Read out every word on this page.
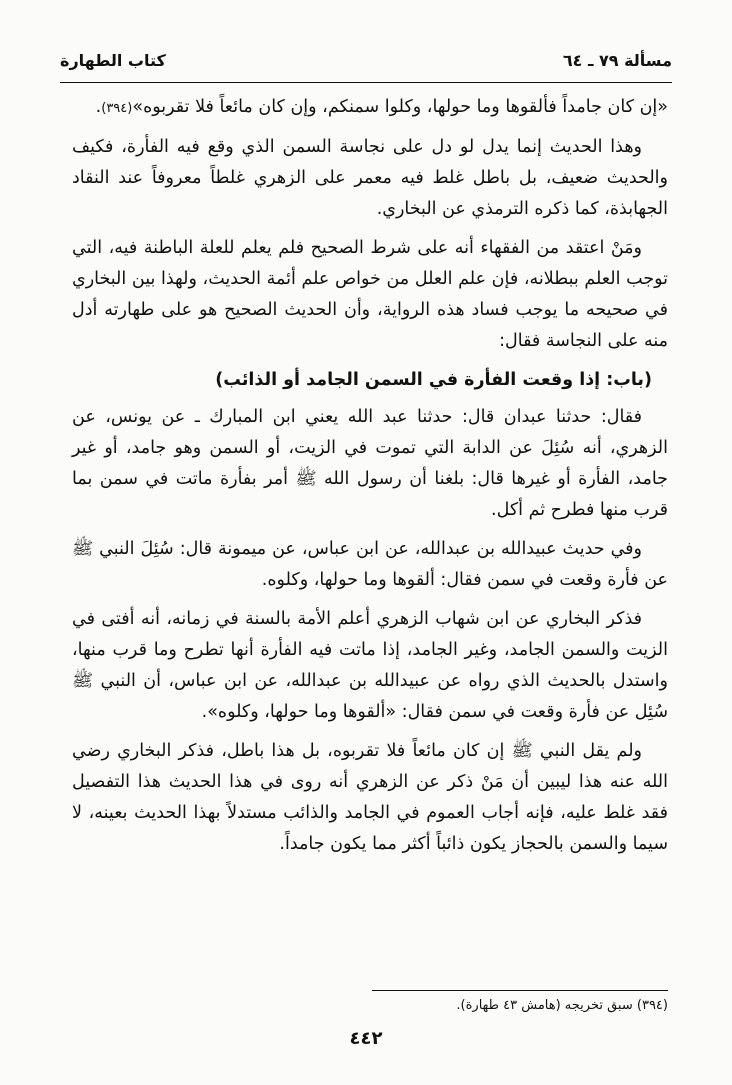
مسألة ٧٩ ـ ٦٤
كتاب الطهارة

«إن كان جامداً فألقوها وما حولها، وكلوا سمنكم، وإن كان مائعاً فلا تقربوه»(٣٩٤).

وهذا الحديث إنما يدل لو دل على نجاسة السمن الذي وقع فيه الفأرة، فكيف والحديث ضعيف، بل باطل غلط فيه معمر على الزهري غلطاً معروفاً عند النقاد الجهابذة، كما ذكره الترمذي عن البخاري.

ومَنْ اعتقد من الفقهاء أنه على شرط الصحيح فلم يعلم للعلة الباطنة فيه، التي توجب العلم ببطلانه، فإن علم العلل من خواص علم أئمة الحديث، ولهذا بين البخاري في صحيحه ما يوجب فساد هذه الرواية، وأن الحديث الصحيح هو على طهارته أدل منه على النجاسة فقال:

(باب: إذا وقعت الفأرة في السمن الجامد أو الذائب)

فقال: حدثنا عبدان قال: حدثنا عبد الله يعني ابن المبارك ـ عن يونس، عن الزهري، أنه سُئِلَ عن الدابة التي تموت في الزيت، أو السمن وهو جامد، أو غير جامد، الفأرة أو غيرها قال: بلغنا أن رسول الله ﷺ أمر بفأرة ماتت في سمن بما قرب منها فطرح ثم أكل.

وفي حديث عبيدالله بن عبدالله، عن ابن عباس، عن ميمونة قال: سُئِلَ النبي ﷺ عن فأرة وقعت في سمن فقال: ألقوها وما حولها، وكلوه.

فذكر البخاري عن ابن شهاب الزهري أعلم الأمة بالسنة في زمانه، أنه أفتى في الزيت والسمن الجامد، وغير الجامد، إذا ماتت فيه الفأرة أنها تطرح وما قرب منها، واستدل بالحديث الذي رواه عن عبيدالله بن عبدالله، عن ابن عباس، أن النبي ﷺ سُئِل عن فأرة وقعت في سمن فقال: «ألقوها وما حولها، وكلوه».

ولم يقل النبي ﷺ إن كان مائعاً فلا تقربوه، بل هذا باطل، فذكر البخاري رضي الله عنه هذا ليبين أن مَنْ ذكر عن الزهري أنه روى في هذا الحديث هذا التفصيل فقد غلط عليه، فإنه أجاب العموم في الجامد والذائب مستدلاً بهذا الحديث بعينه، لا سيما والسمن بالحجاز يكون ذائباً أكثر مما يكون جامداً.

(٣٩٤) سبق تخريجه (هامش ٤٣ طهارة).
٤٤٢
